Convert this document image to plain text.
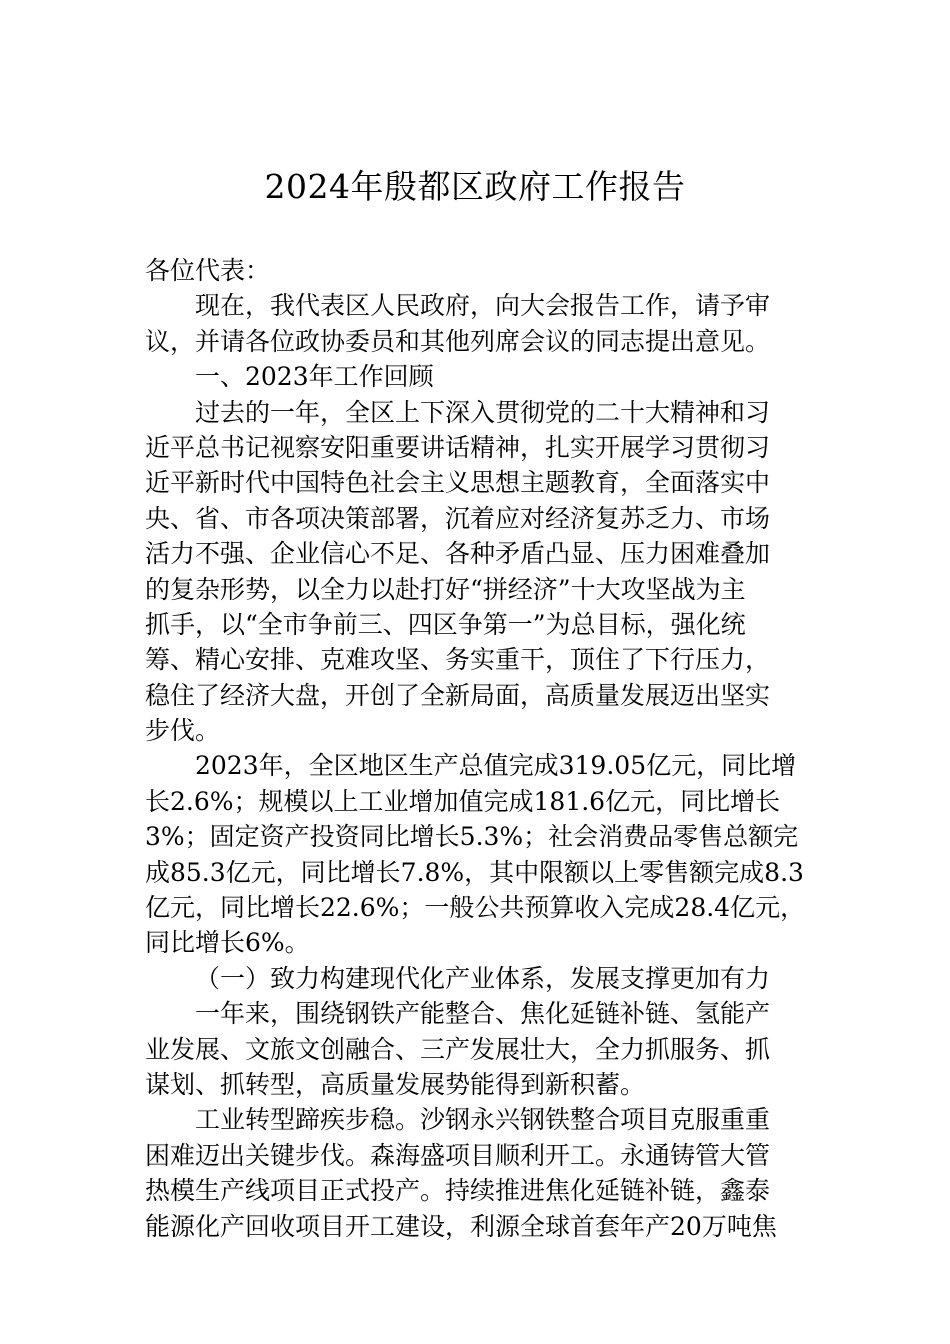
2024年殷都区政府工作报告
各位代表：
现在，我代表区人民政府，向大会报告工作，请予审
议，并请各位政协委员和其他列席会议的同志提出意见。
一、2023年工作回顾
过去的一年，全区上下深入贯彻党的二十大精神和习
近平总书记视察安阳重要讲话精神，扎实开展学习贯彻习
近平新时代中国特色社会主义思想主题教育，全面落实中
央、省、市各项决策部署，沉着应对经济复苏乏力、市场
活力不强、企业信心不足、各种矛盾凸显、压力困难叠加
的复杂形势，以全力以赴打好“拼经济”十大攻坚战为主
抓手，以“全市争前三、四区争第一”为总目标，强化统
筹、精心安排、克难攻坚、务实重干，顶住了下行压力，
稳住了经济大盘，开创了全新局面，高质量发展迈出坚实
步伐。
2023年，全区地区生产总值完成319.05亿元，同比增
长2.6%；规模以上工业增加值完成181.6亿元，同比增长
3%；固定资产投资同比增长5.3%；社会消费品零售总额完
成85.3亿元，同比增长7.8%，其中限额以上零售额完成8.3
亿元，同比增长22.6%；一般公共预算收入完成28.4亿元，
同比增长6%。
（一）致力构建现代化产业体系，发展支撑更加有力
一年来，围绕钢铁产能整合、焦化延链补链、氢能产
业发展、文旅文创融合、三产发展壮大，全力抓服务、抓
谋划、抓转型，高质量发展势能得到新积蓄。
工业转型蹄疾步稳。沙钢永兴钢铁整合项目克服重重
困难迈出关键步伐。森海盛项目顺利开工。永通铸管大管
热模生产线项目正式投产。持续推进焦化延链补链，鑫泰
能源化产回收项目开工建设，利源全球首套年产20万吨焦
